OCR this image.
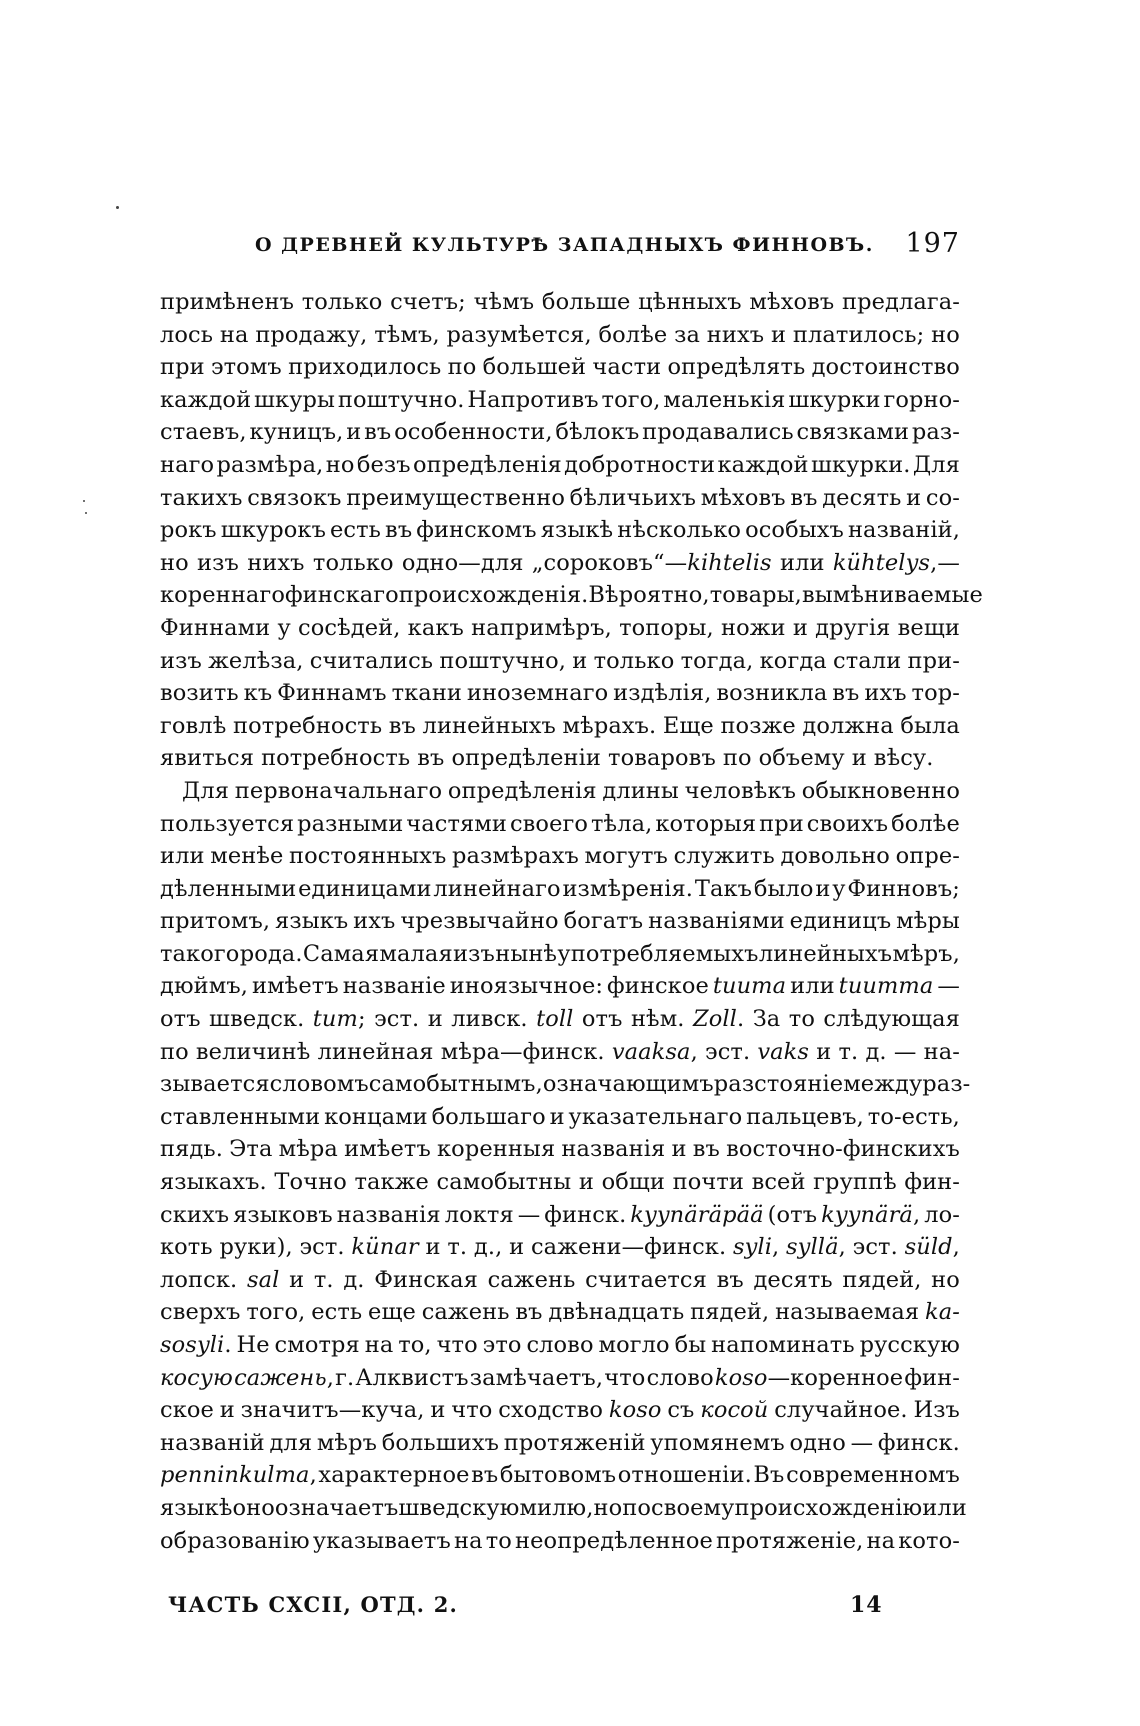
О ДРЕВНЕЙ КУЛЬТУРѢ ЗАПАДНЫХЪ ФИННОВЪ. 197
примѣненъ только счетъ; чѣмъ больше цѣнныхъ мѣховъ предлага-
лось на продажу, тѣмъ, разумѣется, болѣе за нихъ и платилось; но
при этомъ приходилось по большей части опредѣлять достоинство
каждой шкуры поштучно. Напротивъ того, маленькія шкурки горно-
стаевъ, куницъ, и въ особенности, бѣлокъ продавались связками раз-
наго размѣра, но безъ опредѣленія добротности каждой шкурки. Для
такихъ связокъ преимущественно бѣличьихъ мѣховъ въ десять и со-
рокъ шкурокъ есть въ финскомъ языкѣ нѣсколько особыхъ названій,
но изъ нихъ только одно—для „сороковъ“—kihtelis или kühtelys,—
кореннаго финскаго происхожденія. Вѣроятно, товары, вымѣниваемые
Финнами у сосѣдей, какъ напримѣръ, топоры, ножи и другія вещи
изъ желѣза, считались поштучно, и только тогда, когда стали при-
возить къ Финнамъ ткани иноземнаго издѣлія, возникла въ ихъ тор-
говлѣ потребность въ линейныхъ мѣрахъ. Еще позже должна была
явиться потребность въ опредѣленіи товаровъ по объему и вѣсу.
Для первоначальнаго опредѣленія длины человѣкъ обыкновенно
пользуется разными частями своего тѣла, которыя при своихъ болѣе
или менѣе постоянныхъ размѣрахъ могутъ служить довольно опре-
дѣленными единицами линейнаго измѣренія. Такъ было и у Финновъ;
притомъ, языкъ ихъ чрезвычайно богатъ названіями единицъ мѣры
такого рода. Самая малая изъ нынѣ употребляемыхъ линейныхъ мѣръ,
дюймъ, имѣетъ названіе иноязычное: финское tuuma или tuumma —
отъ шведск. tum; эст. и ливск. toll отъ нѣм. Zoll. За то слѣдующая
по величинѣ линейная мѣра—финск. vaaksa, эст. vaks и т. д. — на-
зывается словомъ самобытнымъ, означающимъ разстояніе между раз-
ставленными концами большаго и указательнаго пальцевъ, то-есть,
пядь. Эта мѣра имѣетъ коренныя названія и въ восточно-финскихъ
языкахъ. Точно также самобытны и общи почти всей группѣ фин-
скихъ языковъ названія локтя — финск. kyynäräpää (отъ kyynärä, ло-
коть руки), эст. künar и т. д., и сажени—финск. syli, syllä, эст. süld,
лопск. sal и т. д. Финская сажень считается въ десять пядей, но
сверхъ того, есть еще сажень въ двѣнадцать пядей, называемая ka-
sosyli. Не смотря на то, что это слово могло бы напоминать русскую
косую сажень, г. Алквистъ замѣчаетъ, что слово koso—коренное фин-
ское и значитъ—куча, и что сходство koso съ косой случайное. Изъ
названій для мѣръ большихъ протяженій упомянемъ одно — финск.
penninkulma, характерное въ бытовомъ отношеніи. Въ современномъ
языкѣ оно означаетъ шведскую милю, но по своему происхожденію или
образованію указываетъ на то неопредѣленное протяженіе, на кото-
ЧАСТЬ CXCII, ОТД. 2.	14
